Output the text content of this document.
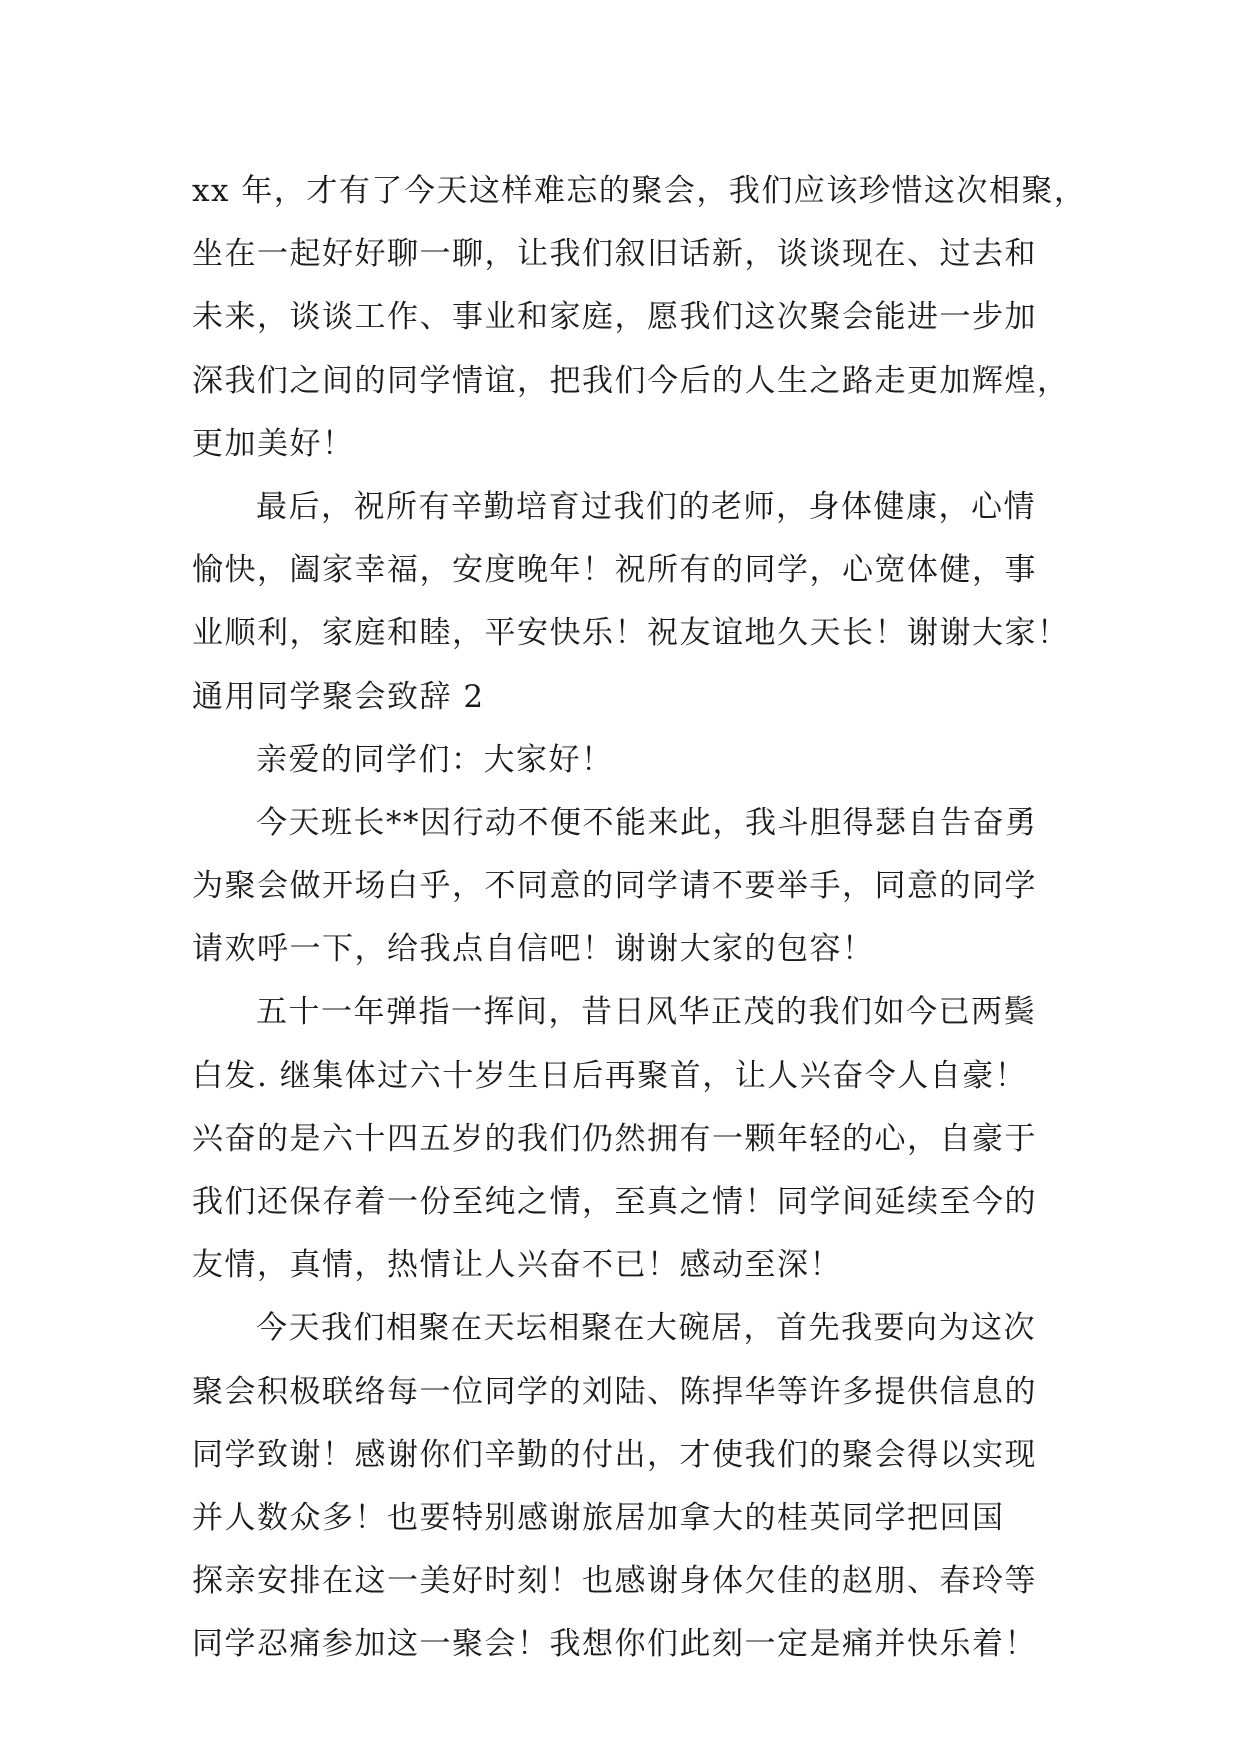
xx 年，才有了今天这样难忘的聚会，我们应该珍惜这次相聚，
坐在一起好好聊一聊，让我们叙旧话新，谈谈现在、过去和
未来，谈谈工作、事业和家庭，愿我们这次聚会能进一步加
深我们之间的同学情谊，把我们今后的人生之路走更加辉煌，
更加美好！
最后，祝所有辛勤培育过我们的老师，身体健康，心情
愉快，阖家幸福，安度晚年！祝所有的同学，心宽体健，事
业顺利，家庭和睦，平安快乐！祝友谊地久天长！谢谢大家！
通用同学聚会致辞 2
亲爱的同学们：大家好！
今天班长**因行动不便不能来此，我斗胆得瑟自告奋勇
为聚会做开场白乎，不同意的同学请不要举手，同意的同学
请欢呼一下，给我点自信吧！谢谢大家的包容！
五十一年弹指一挥间，昔日风华正茂的我们如今已两鬓
白发. 继集体过六十岁生日后再聚首，让人兴奋令人自豪！
兴奋的是六十四五岁的我们仍然拥有一颗年轻的心，自豪于
我们还保存着一份至纯之情，至真之情！同学间延续至今的
友情，真情，热情让人兴奋不已！感动至深！
今天我们相聚在天坛相聚在大碗居，首先我要向为这次
聚会积极联络每一位同学的刘陆、陈捍华等许多提供信息的
同学致谢！感谢你们辛勤的付出，才使我们的聚会得以实现
并人数众多！也要特别感谢旅居加拿大的桂英同学把回国
探亲安排在这一美好时刻！也感谢身体欠佳的赵朋、春玲等
同学忍痛参加这一聚会！我想你们此刻一定是痛并快乐着！
